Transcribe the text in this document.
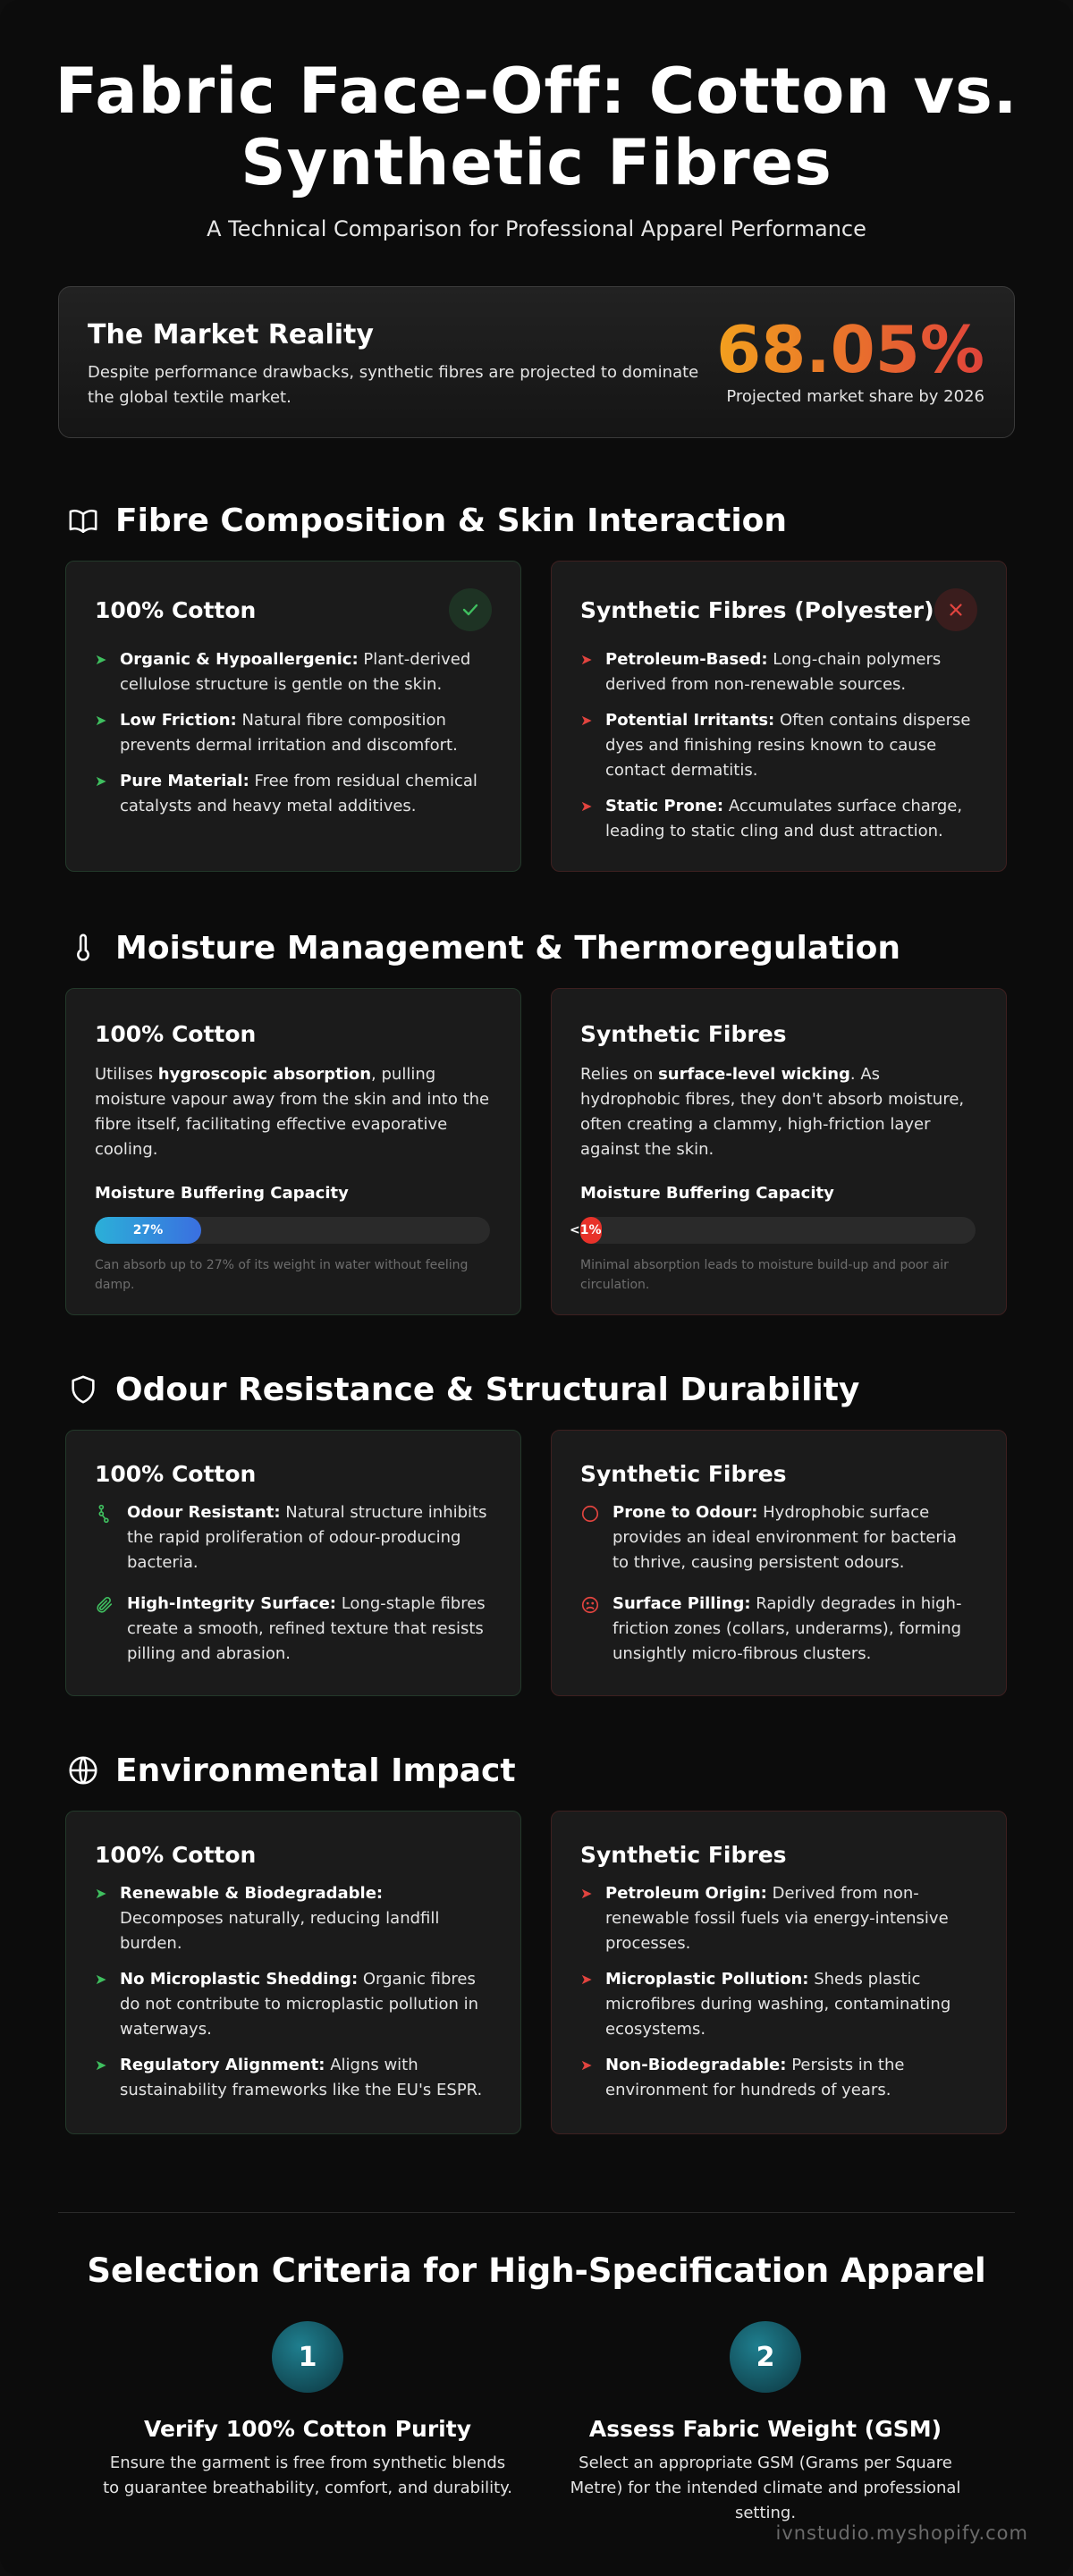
Fabric Face-Off: Cotton vs. Synthetic Fibres
A Technical Comparison for Professional Apparel Performance
The Market Reality
Despite performance drawbacks, synthetic fibres are projected to dominate the global textile market.
68.05%
Projected market share by 2026
Fibre Composition & Skin Interaction
100% Cotton
➤ Organic & Hypoallergenic: Plant-derived cellulose structure is gentle on the skin.
➤ Low Friction: Natural fibre composition prevents dermal irritation and discomfort.
➤ Pure Material: Free from residual chemical catalysts and heavy metal additives.
Synthetic Fibres (Polyester)
➤ Petroleum-Based: Long-chain polymers derived from non-renewable sources.
➤ Potential Irritants: Often contains disperse dyes and finishing resins known to cause contact dermatitis.
➤ Static Prone: Accumulates surface charge, leading to static cling and dust attraction.
Moisture Management & Thermoregulation
100% Cotton
Utilises hygroscopic absorption, pulling moisture vapour away from the skin and into the fibre itself, facilitating effective evaporative cooling.
Moisture Buffering Capacity
27%
Can absorb up to 27% of its weight in water without feeling damp.
Synthetic Fibres
Relies on surface-level wicking. As hydrophobic fibres, they don't absorb moisture, often creating a clammy, high-friction layer against the skin.
Moisture Buffering Capacity
<1%
Minimal absorption leads to moisture build-up and poor air circulation.
Odour Resistance & Structural Durability
100% Cotton
Odour Resistant: Natural structure inhibits the rapid proliferation of odour-producing bacteria.
High-Integrity Surface: Long-staple fibres create a smooth, refined texture that resists pilling and abrasion.
Synthetic Fibres
Prone to Odour: Hydrophobic surface provides an ideal environment for bacteria to thrive, causing persistent odours.
Surface Pilling: Rapidly degrades in high-friction zones (collars, underarms), forming unsightly micro-fibrous clusters.
Environmental Impact
100% Cotton
➤ Renewable & Biodegradable: Decomposes naturally, reducing landfill burden.
➤ No Microplastic Shedding: Organic fibres do not contribute to microplastic pollution in waterways.
➤ Regulatory Alignment: Aligns with sustainability frameworks like the EU's ESPR.
Synthetic Fibres
➤ Petroleum Origin: Derived from non-renewable fossil fuels via energy-intensive processes.
➤ Microplastic Pollution: Sheds plastic microfibres during washing, contaminating ecosystems.
➤ Non-Biodegradable: Persists in the environment for hundreds of years.
Selection Criteria for High-Specification Apparel
1
Verify 100% Cotton Purity

Ensure the garment is free from synthetic blends to guarantee breathability, comfort, and durability.

2
Assess Fabric Weight (GSM)

Select an appropriate GSM (Grams per Square Metre) for the intended climate and professional setting.

ivnstudio.myshopify.com
